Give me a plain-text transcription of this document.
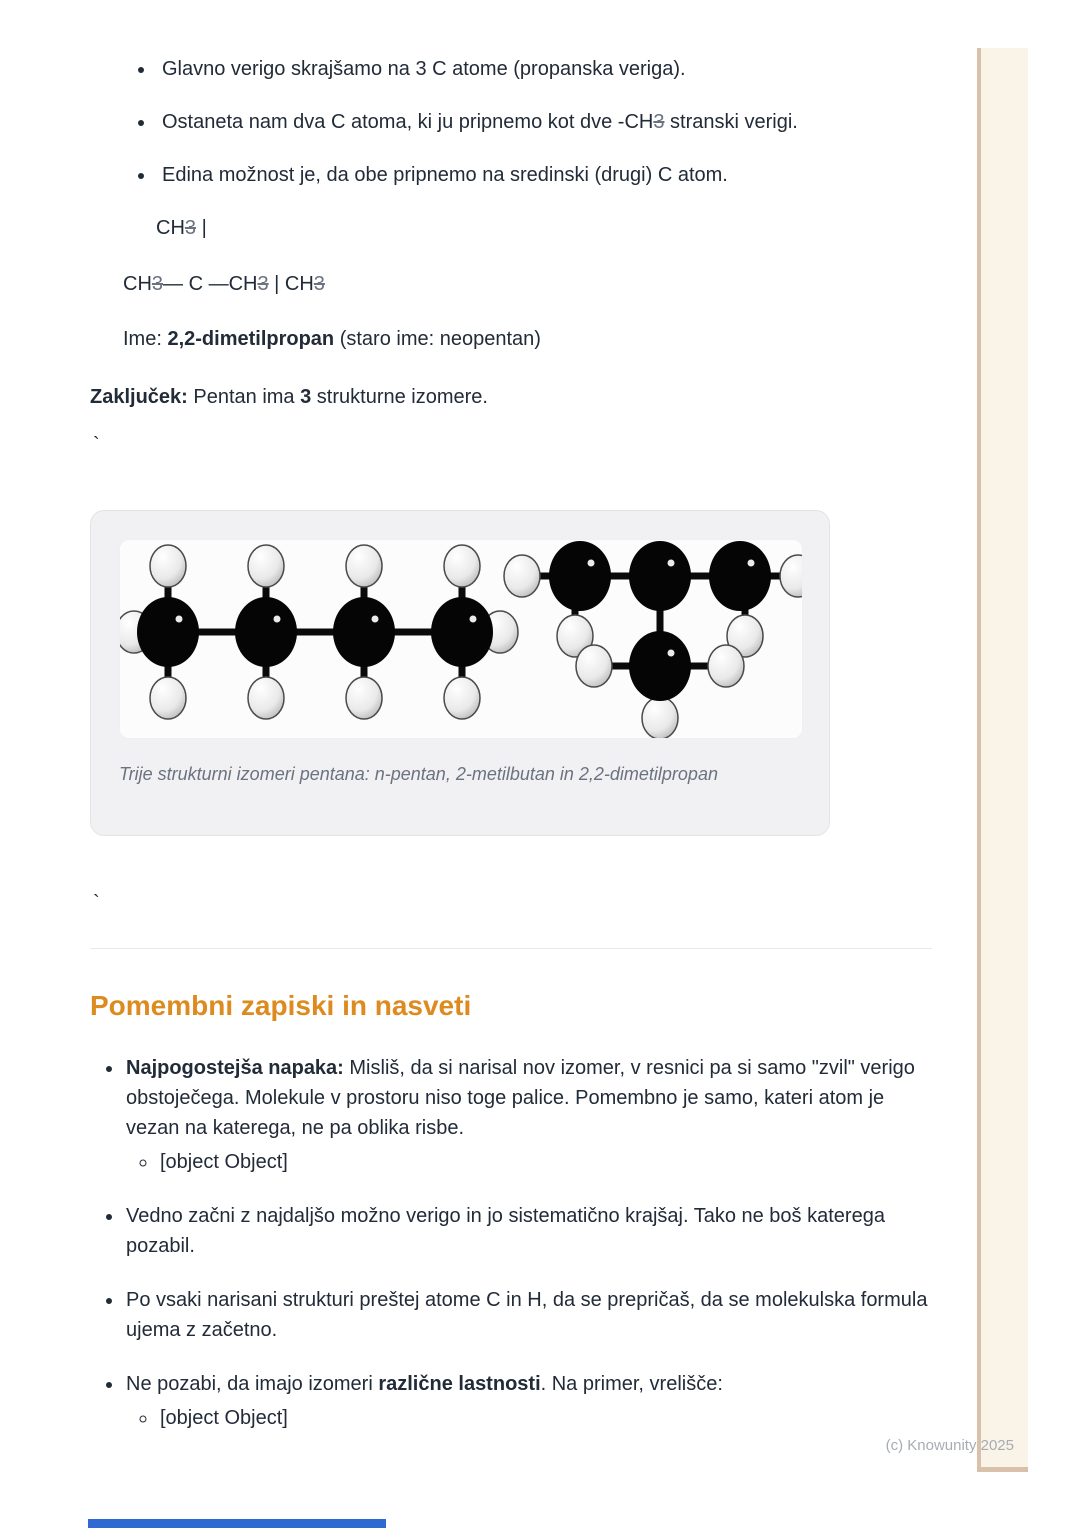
• Glavno verigo skrajšamo na 3 C atome (propanska veriga).
• Ostaneta nam dva C atoma, ki ju pripnemo kot dve -CH3 stranski verigi.
• Edina možnost je, da obe pripnemo na sredinski (drugi) C atom.

CH3 |

CH3— C —CH3 | CH3

Ime: 2,2-dimetilpropan (staro ime: neopentan)

Zaključek: Pentan ima 3 strukturne izomere.

`

Trije strukturni izomeri pentana: n-pentan, 2-metilbutan in 2,2-dimetilpropan

`

Pomembni zapiski in nasveti
• Najpogostejša napaka: Misliš, da si narisal nov izomer, v resnici pa si samo "zvil" verigo obstoječega. Molekule v prostoru niso toge palice. Pomembno je samo, kateri atom je vezan na katerega, ne pa oblika risbe.
◦ [object Object]
• Vedno začni z najdaljšo možno verigo in jo sistematično krajšaj. Tako ne boš katerega pozabil.
• Po vsaki narisani strukturi preštej atome C in H, da se prepričaš, da se molekulska formula ujema z začetno.
• Ne pozabi, da imajo izomeri različne lastnosti. Na primer, vrelišče:
◦ [object Object]
(c) Knowunity 2025
